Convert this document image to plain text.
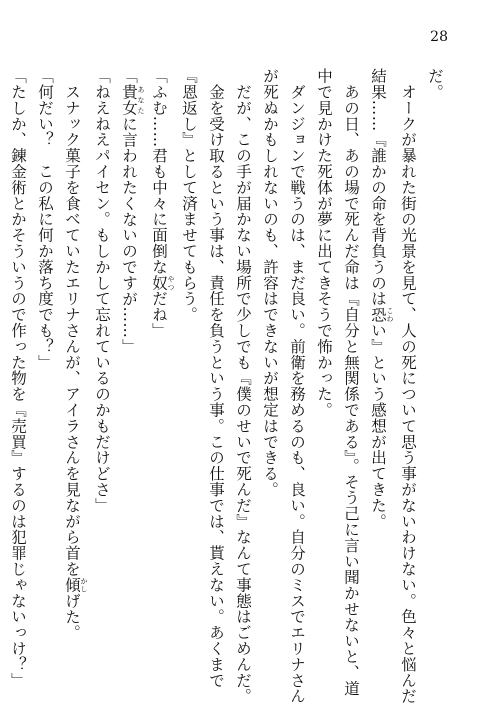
28
だ。
　オークが暴れた街の光景を見て、人の死について思う事がないわけない。色々と悩んだ
結果……『誰かの命を背負うのは恐 こわい』という感想が出てきた。
　あの日、あの場で死んだ命は『自分と無関係である』。そう己に言い聞かせないと、道
中で見かけた死体が夢に出てきそうで怖かった。
　ダンジョンで戦うのは、まだ良い。前衛を務めるのも、良い。自分のミスでエリナさん
が死ぬかもしれないのも、許容はできないが想定はできる。
　だが、この手が届かない場所で少しでも『僕のせいで死んだ』なんて事態はごめんだ。
　金を受け取るという事は、責任を負うという事。この仕事では、貰えない。あくまで
『恩返し』として済ませてもらう。
「ふむ……君も中々に面倒な奴 やつだね」
「貴女 あなたに言われたくないのですが……」
「ねえねえパイセン。もしかして忘れているのかもだけどさ」
　スナック菓子を食べていたエリナさんが、アイラさんを見ながら首を傾 かしげた。
「何だい？　この私に何か落ち度でも？」
「たしか、錬金術とかそういうので作った物を『売買』するのは犯罪じゃないっけ？」
